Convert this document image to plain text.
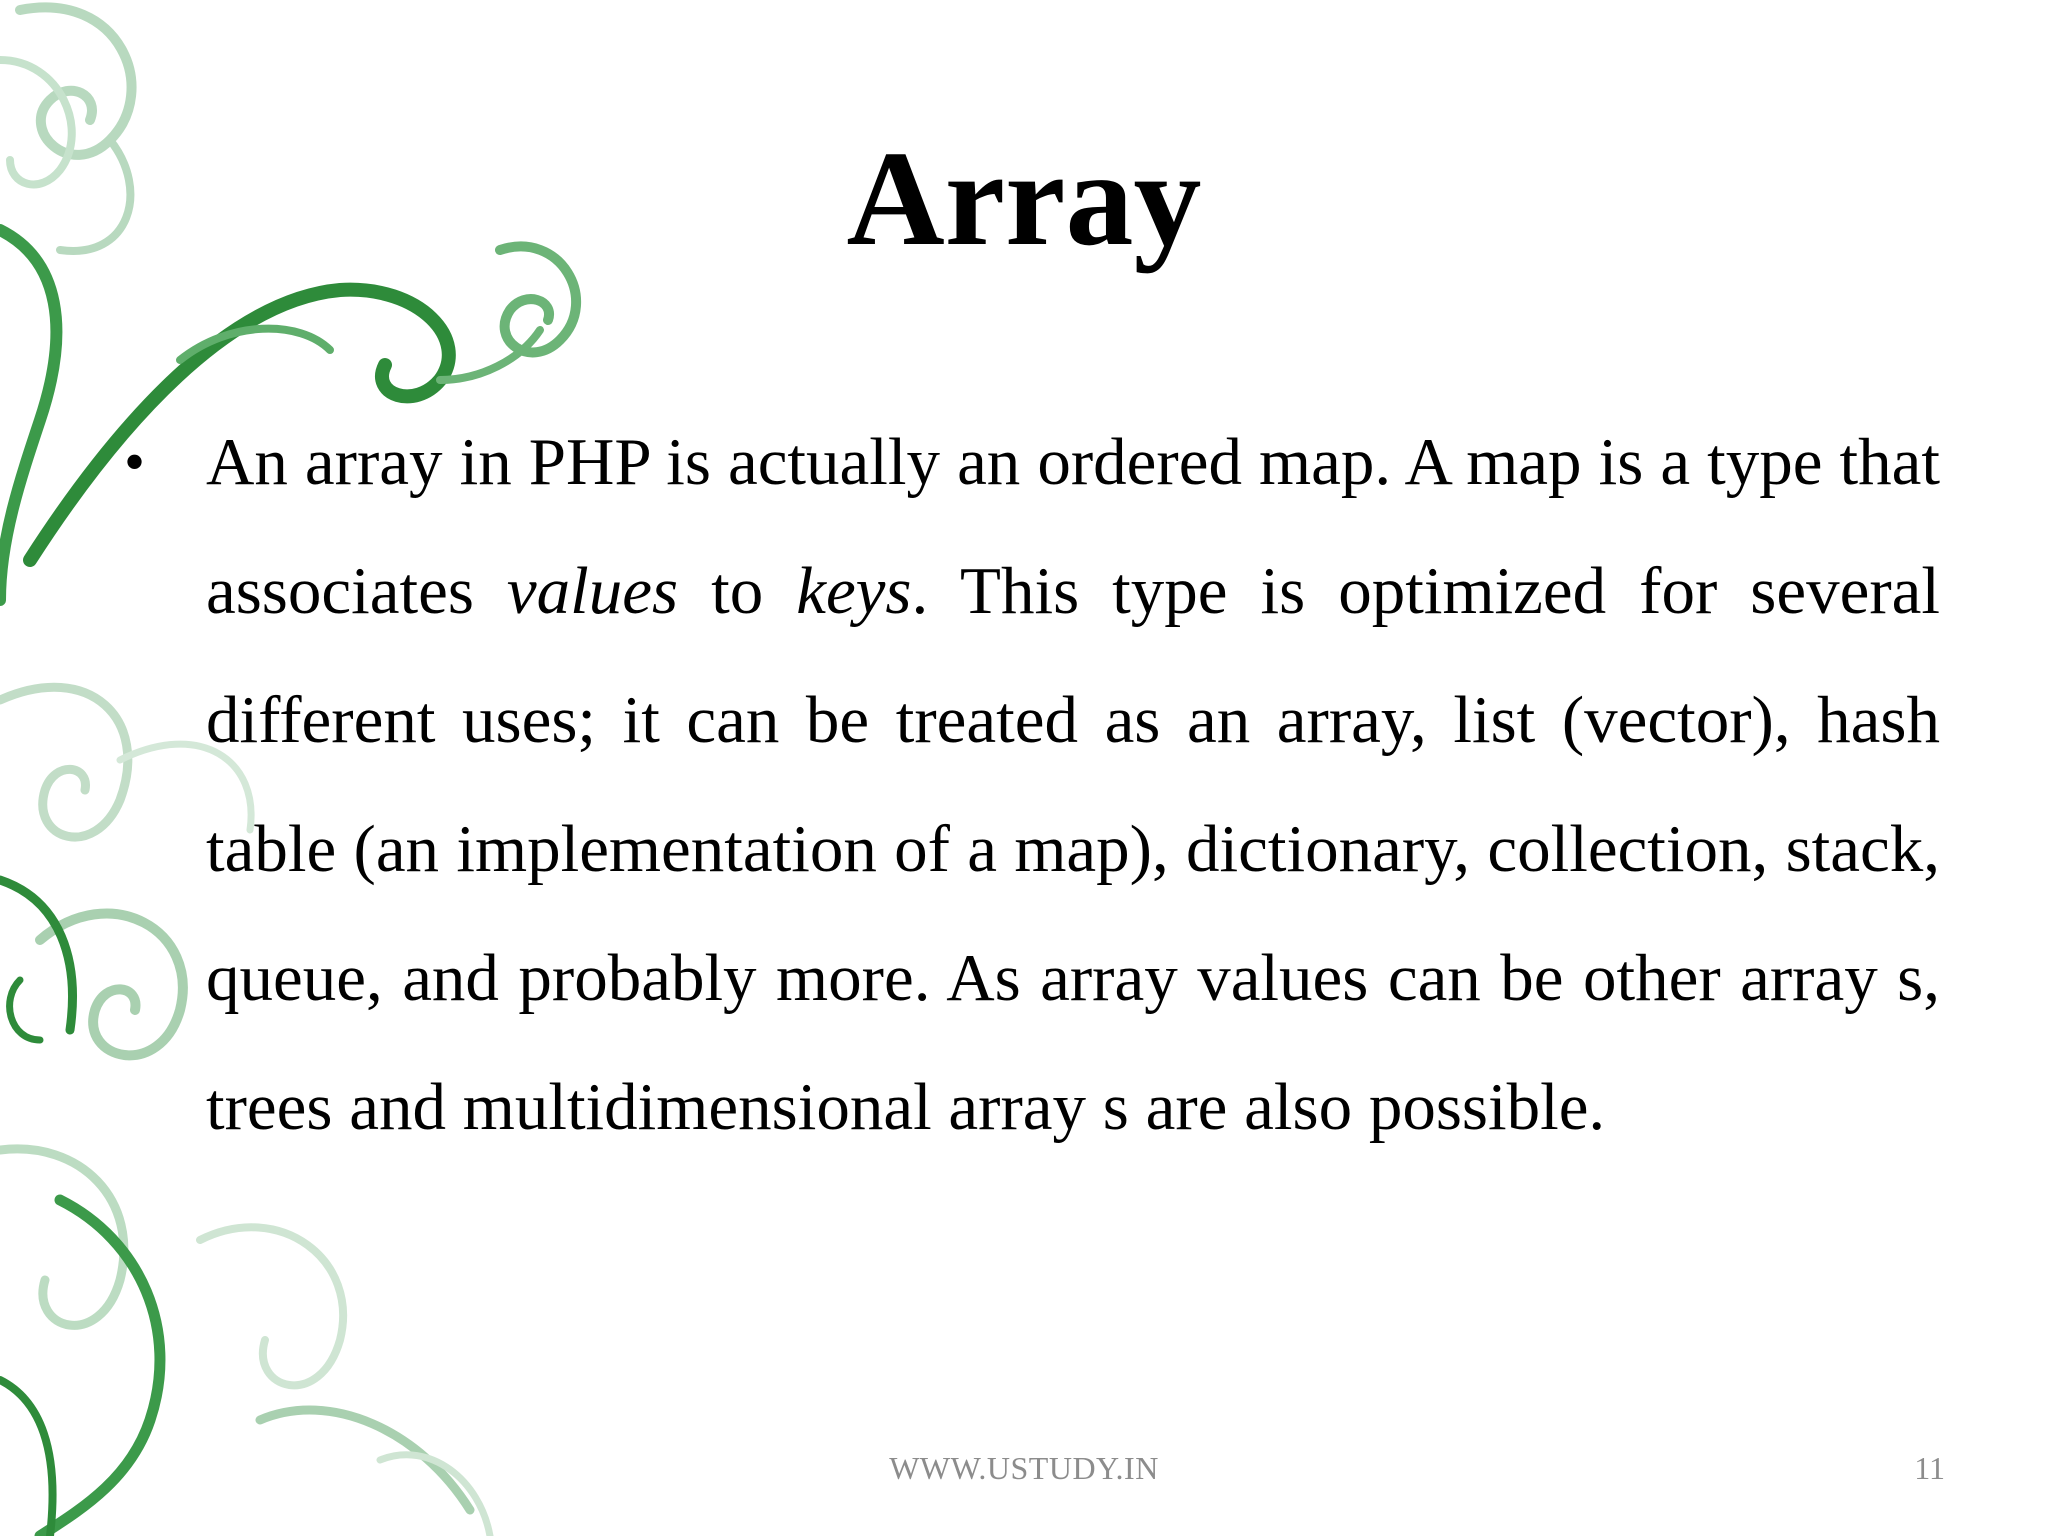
Array
• An array in PHP is actually an ordered map. A map is a type that associates values to keys. This type is optimized for several different uses; it can be treated as an array, list (vector), hash table (an implementation of a map), dictionary, collection, stack, queue, and probably more. As array values can be other array s, trees and multidimensional array s are also possible.
WWW.USTUDY.IN	11
